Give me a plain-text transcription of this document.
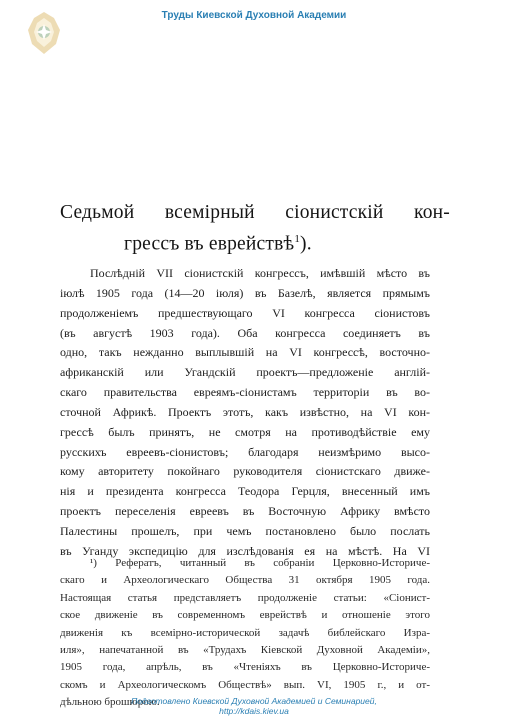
Труды Киевской Духовной Академии
Седьмой всемірный сіонистскій кон-
грессъ въ еврействѣ$^1$).
Послѣдній VII сіонистскій конгрессъ, имѣвшій мѣсто въ
іюлѣ 1905 года (14—20 іюля) въ Базелѣ, является прямымъ
продолженіемъ предшествующаго VI конгресса сіонистовъ
(въ августѣ 1903 года). Оба конгресса соединяетъ въ
одно, такъ нежданно выплывшій на VI конгрессѣ, восточно-
африканскій или Угандскій проектъ—предложеніе англій-
скаго правительства евреямъ-сіонистамъ территоріи въ во-
сточной Африкѣ. Проектъ этотъ, какъ извѣстно, на VI кон-
грессѣ былъ принятъ, не смотря на противодѣйствіе ему
русскихъ евреевъ-сіонистовъ; благодаря неизмѣримо высо-
кому авторитету покойнаго руководителя сіонистскаго движе-
нія и президента конгресса Теодора Герцля, внесенный имъ
проектъ переселенія евреевъ въ Восточную Африку вмѣсто
Палестины прошелъ, при чемъ постановлено было послать
въ Уганду экспедицію для изслѣдованія ея на мѣстѣ. На VI
¹) Рефератъ, читанный въ собраніи Церковно-Историче-
скаго и Археологическаго Общества 31 октября 1905 года.
Настоящая статья представляетъ продолженіе статьи: «Сіонист-
ское движеніе въ современномъ еврействѣ и отношеніе этого
движенія къ всемірно-исторической задачѣ библейскаго Изра-
иля», напечатанной въ «Трудахъ Кіевской Духовной Академіи»,
1905 года, апрѣль, въ «Чтеніяхъ въ Церковно-Историче-
скомъ и Археологическомъ Обществѣ» вып. VI, 1905 г., и от-
дѣльною брошюрою.
Подготовлено Киевской Духовной Академией и Семинарией,
http://kdais.kiev.ua
